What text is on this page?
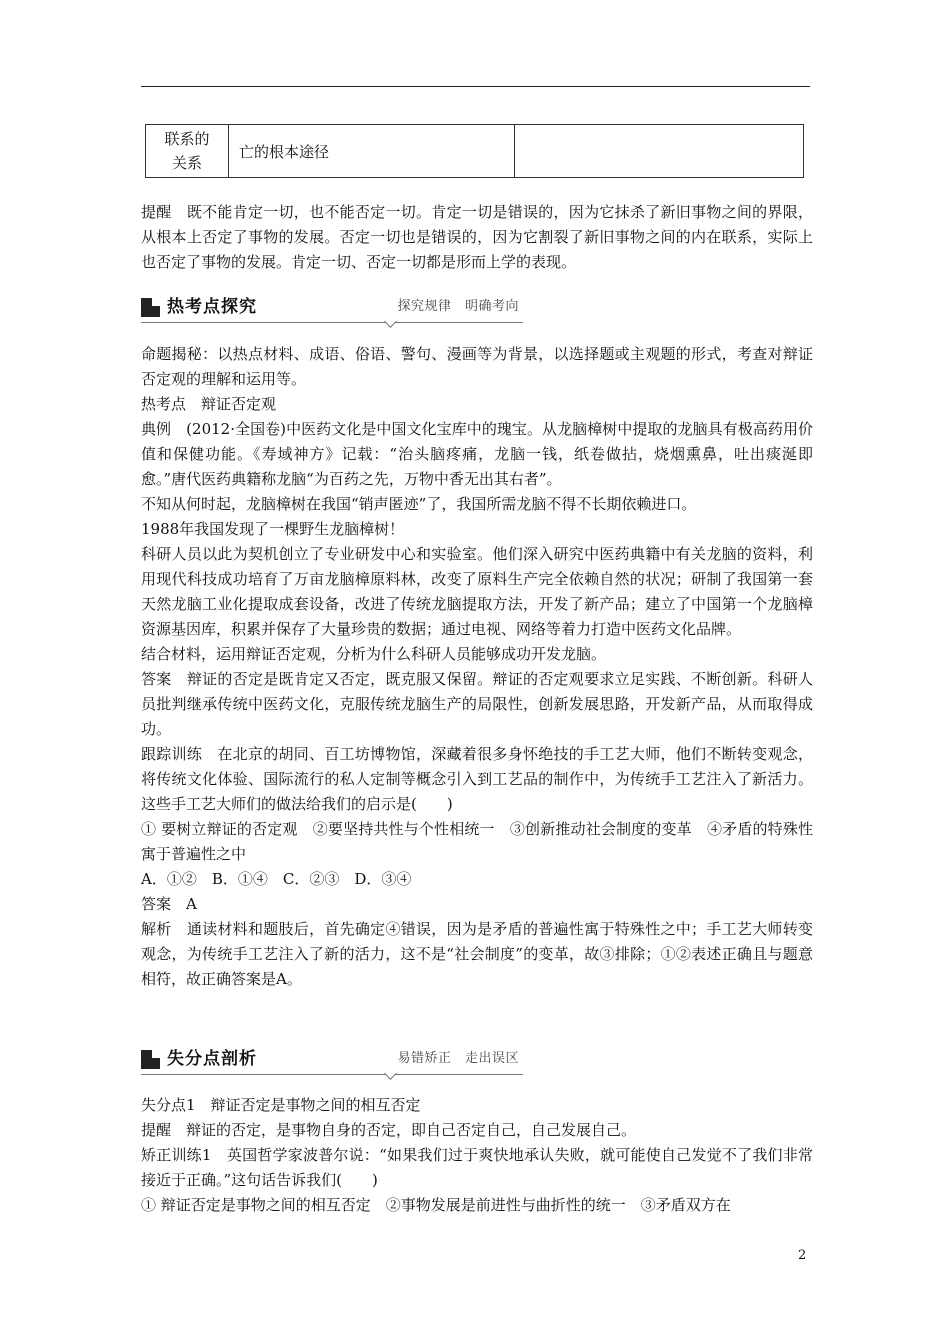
联系的
关系	亡的根本途径	

提醒　既不能肯定一切，也不能否定一切。肯定一切是错误的，因为它抹杀了新旧事物之间的界限，从根本上否定了事物的发展。否定一切也是错误的，因为它割裂了新旧事物之间的内在联系，实际上也否定了事物的发展。肯定一切、否定一切都是形而上学的表现。

热考点探究	探究规律　明确考向

命题揭秘：以热点材料、成语、俗语、警句、漫画等为背景，以选择题或主观题的形式，考查对辩证否定观的理解和运用等。

热考点　辩证否定观

典例　(2012·全国卷)中医药文化是中国文化宝库中的瑰宝。从龙脑樟树中提取的龙脑具有极高药用价值和保健功能。《寿域神方》记载：“治头脑疼痛，龙脑一钱，纸卷做拈，烧烟熏鼻，吐出痰涎即愈。”唐代医药典籍称龙脑“为百药之先，万物中香无出其右者”。

不知从何时起，龙脑樟树在我国“销声匿迹”了，我国所需龙脑不得不长期依赖进口。

1988年我国发现了一棵野生龙脑樟树！

科研人员以此为契机创立了专业研发中心和实验室。他们深入研究中医药典籍中有关龙脑的资料，利用现代科技成功培育了万亩龙脑樟原料林，改变了原料生产完全依赖自然的状况；研制了我国第一套天然龙脑工业化提取成套设备，改进了传统龙脑提取方法，开发了新产品；建立了中国第一个龙脑樟资源基因库，积累并保存了大量珍贵的数据；通过电视、网络等着力打造中医药文化品牌。

结合材料，运用辩证否定观，分析为什么科研人员能够成功开发龙脑。

答案　辩证的否定是既肯定又否定，既克服又保留。辩证的否定观要求立足实践、不断创新。科研人员批判继承传统中医药文化，克服传统龙脑生产的局限性，创新发展思路，开发新产品，从而取得成功。

跟踪训练　在北京的胡同、百工坊博物馆，深藏着很多身怀绝技的手工艺大师，他们不断转变观念，将传统文化体验、国际流行的私人定制等概念引入到工艺品的制作中，为传统手工艺注入了新活力。这些手工艺大师们的做法给我们的启示是(　　)

① 要树立辩证的否定观　②要坚持共性与个性相统一　③创新推动社会制度的变革　④矛盾的特殊性寓于普遍性之中

A．①②　B．①④　C．②③　D．③④

答案　A

解析　通读材料和题肢后，首先确定④错误，因为是矛盾的普遍性寓于特殊性之中；手工艺大师转变观念，为传统手工艺注入了新的活力，这不是“社会制度”的变革，故③排除；①②表述正确且与题意相符，故正确答案是A。

失分点剖析	易错矫正　走出误区

失分点1　辩证否定是事物之间的相互否定

提醒　辩证的否定，是事物自身的否定，即自己否定自己，自己发展自己。

矫正训练1　英国哲学家波普尔说：“如果我们过于爽快地承认失败，就可能使自己发觉不了我们非常接近于正确。”这句话告诉我们(　　)

① 辩证否定是事物之间的相互否定　②事物发展是前进性与曲折性的统一　③矛盾双方在

2
